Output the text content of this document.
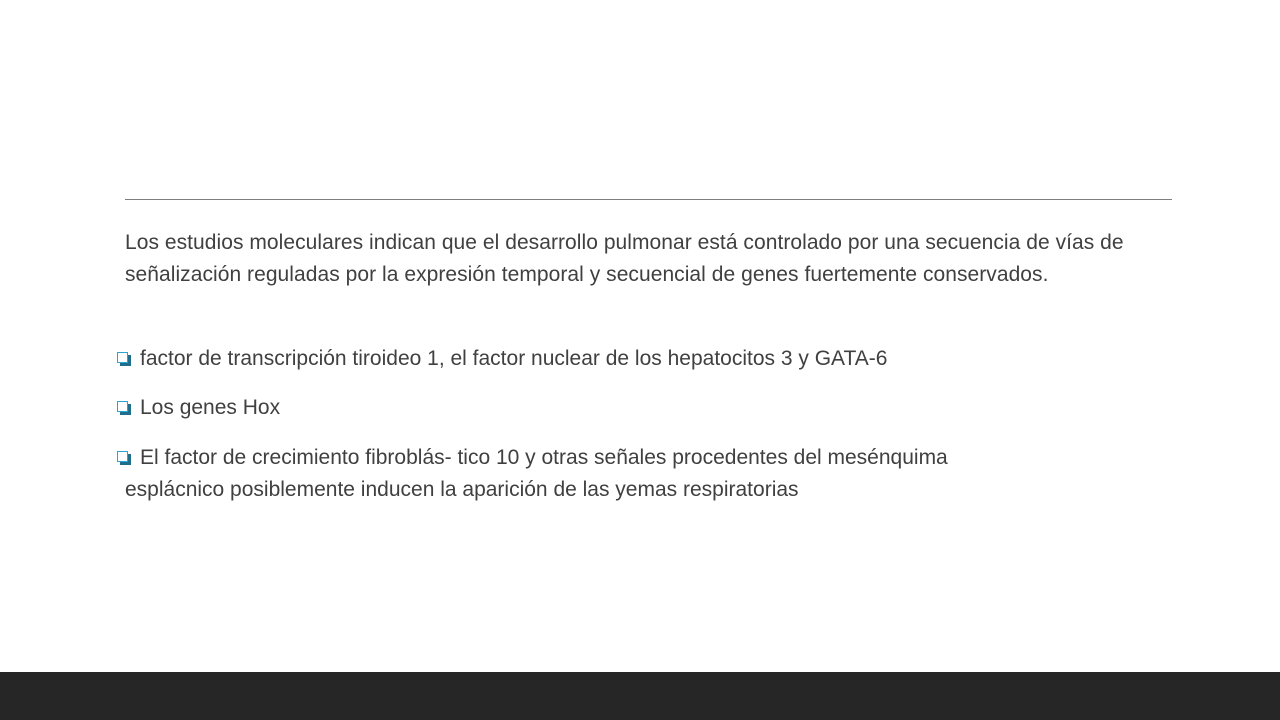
Los estudios moleculares indican que el desarrollo pulmonar está controlado por una secuencia de vías de señalización reguladas por la expresión temporal y secuencial de genes fuertemente conservados.

factor de transcripción tiroideo 1, el factor nuclear de los hepatocitos 3 y GATA-6

Los genes Hox

El factor de crecimiento fibroblás- tico 10 y otras señales procedentes del mesénquima
esplácnico posiblemente inducen la aparición de las yemas respiratorias
